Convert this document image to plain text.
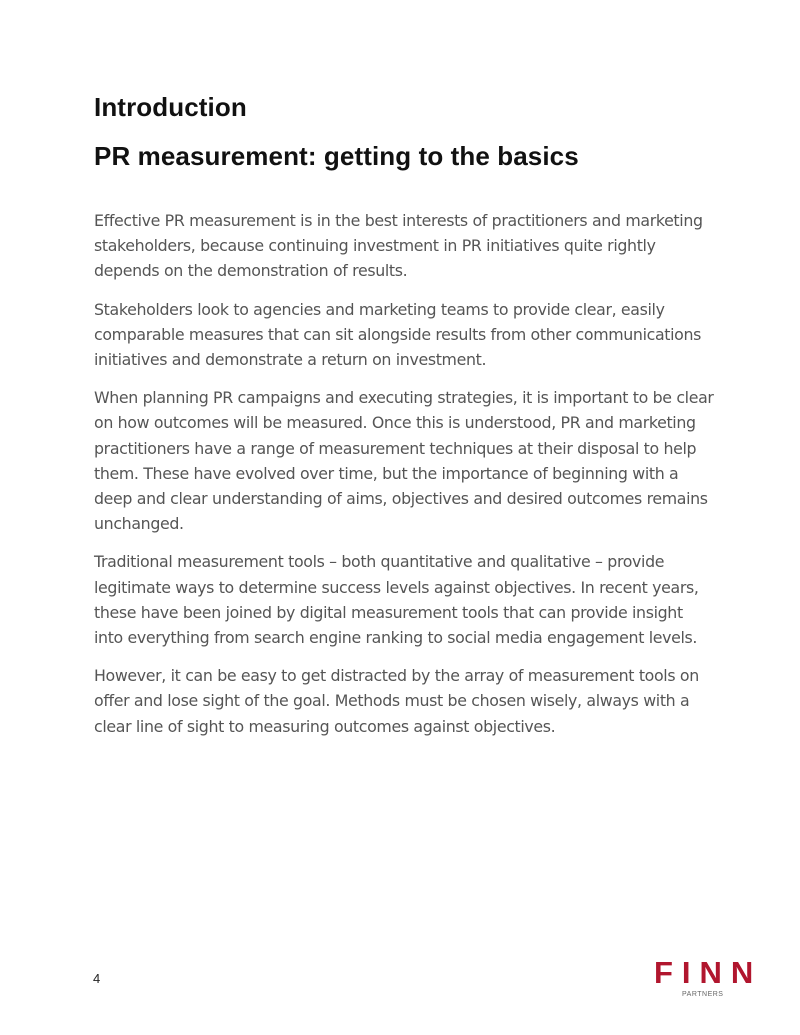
Introduction
PR measurement: getting to the basics

Effective PR measurement is in the best interests of practitioners and marketing stakeholders, because continuing investment in PR initiatives quite rightly depends on the demonstration of results.

Stakeholders look to agencies and marketing teams to provide clear, easily comparable measures that can sit alongside results from other communications initiatives and demonstrate a return on investment.

When planning PR campaigns and executing strategies, it is important to be clear on how outcomes will be measured. Once this is understood, PR and marketing practitioners have a range of measurement techniques at their disposal to help them. These have evolved over time, but the importance of beginning with a deep and clear understanding of aims, objectives and desired outcomes remains unchanged.

Traditional measurement tools – both quantitative and qualitative – provide legitimate ways to determine success levels against objectives. In recent years, these have been joined by digital measurement tools that can provide insight into everything from search engine ranking to social media engagement levels.

However, it can be easy to get distracted by the array of measurement tools on offer and lose sight of the goal. Methods must be chosen wisely, always with a clear line of sight to measuring outcomes against objectives.

4	FINN
PARTNERS
